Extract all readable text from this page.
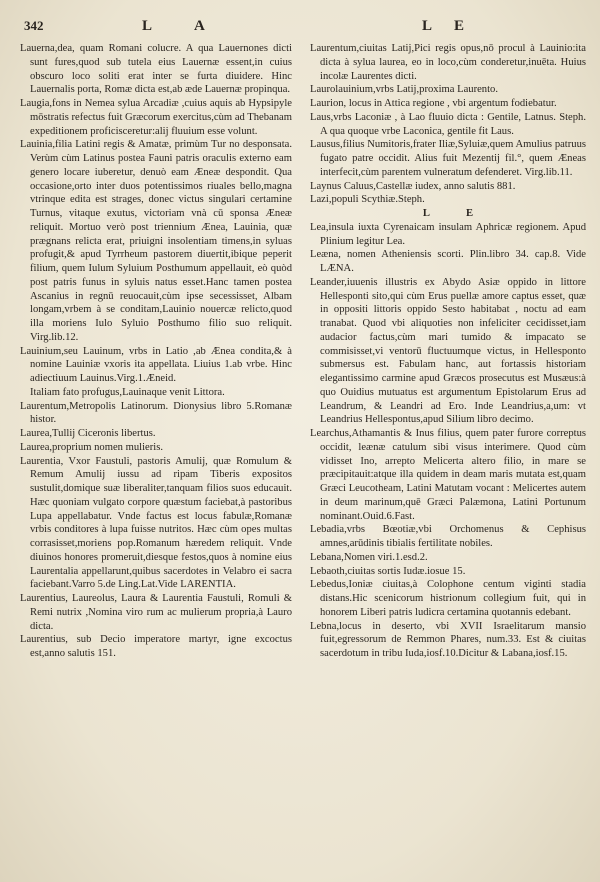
342	L	A	L E

Lauerna,dea, quam Romani colucre. A qua Lauernones dicti sunt fures,quod sub tutela eius Lauernæ essent,in cuius obscuro loco soliti erat inter se furta diuidere. Hinc Lauernalis porta, Romæ dicta est,ab æde Lauernæ propinqua.

Laugia,fons in Nemea sylua Arcadiæ ,cuius aquis ab Hypsipyle mōstratis refectus fuit Græcorum exercitus,cùm ad Thebanam expeditionem proficisceretur:alij fluuium esse volunt.

Lauinia,filia Latini regis & Amatæ, primùm Tur no desponsata. Verùm cùm Latinus postea Fauni patris oraculis externo eam genero locare iuberetur, denuò eam Æneæ despondit. Qua occasione,orto inter duos potentissimos riuales bello,magna vtrinque edita est strages, donec victus singulari certamine Turnus, vitaque exutus, victoriam vnà cū sponsa Æneæ reliquit. Mortuo verò post triennium Ænea, Lauinia, quæ prægnans relicta erat, priuigni insolentiam timens,in syluas profugit,& apud Tyrrheum pastorem diuertit,ibique peperit filium, quem Iulum Syluium Posthumum appellauit, eò quòd post patris funus in syluis natus esset.Hanc tamen postea Ascanius in regnū reuocauit,cùm ipse secessisset, Albam longam,vrbem à se conditam,Lauinio nouercæ relicto,quod illa moriens Iulo Syluio Posthumo filio suo reliquit. Virg.lib.12.

Lauinium,seu Lauinum, vrbs in Latio ,ab Ænea condita,& à nomine Lauiniæ vxoris ita appellata. Liuius 1.ab vrbe. Hinc adiectiuum Lauinus.Virg.1.Æneid.

Italiam fato profugus,Lauinaque venit Littora.

Laurentum,Metropolis Latinorum. Dionysius libro 5.Romanæ histor.

Laurea,Tullij Ciceronis libertus.

Laurea,proprium nomen mulieris.

Laurentia, Vxor Faustuli, pastoris Amulij, quæ Romulum & Remum Amulij iussu ad ripam Tiberis expositos sustulit,domique suæ liberaliter,tanquam filios suos educauit. Hæc quoniam vulgato corpore quæstum faciebat,à pastoribus Lupa appellabatur. Vnde factus est locus fabulæ,Romanæ vrbis conditores à lupa fuisse nutritos. Hæc cùm opes multas corrasisset,moriens pop.Romanum hæredem reliquit. Vnde diuinos honores promeruit,diesque festos,quos à nomine eius Laurentalia appellarunt,quibus sacerdotes in Velabro ei sacra faciebant.Varro 5.de Ling.Lat.Vide LARENTIA.

Laurentius, Laureolus, Laura & Laurentia Faustuli, Romuli & Remi nutrix ,Nomina viro rum ac mulierum propria,à Lauro dicta.

Laurentius, sub Decio imperatore martyr, igne excoctus est,anno salutis 151.

Laurentum,ciuitas Latij,Pici regis opus,nō procul à Lauinio:ita dicta à sylua laurea, eo in loco,cùm conderetur,inuēta. Huius incolæ Laurentes dicti.

Laurolauinium,vrbs Latij,proxima Laurento.

Laurion, locus in Attica regione , vbi argentum fodiebatur.

Laus,vrbs Laconiæ , à Lao fluuio dicta : Gentile, Latnus. Steph. A qua quoque vrbe Laconica, gentile fit Laus.

Lausus,filius Numitoris,frater Iliæ,Syluiæ,quem Amulius patruus fugato patre occidit. Alius fuit Mezentij fil.°, quem Æneas interfecit,cùm parentem vulneratum defenderet. Virg.lib.11.

Laynus Caluus,Castellæ iudex, anno salutis 881.

Lazi,populi Scythiæ.Steph.

LE

Lea,insula iuxta Cyrenaicam insulam Aphricæ regionem. Apud Plinium legitur Lea.

Leæna, nomen Atheniensis scorti. Plin.libro 34. cap.8. Vide LÆNA.

Leander,iuuenis illustris ex Abydo Asiæ oppido in littore Hellesponti sito,qui cùm Erus puellæ amore captus esset, quæ in oppositi littoris oppido Sesto habitabat , noctu ad eam tranabat. Quod vbi aliquoties non infeliciter cecidisset,iam audacior factus,cùm mari tumido & impacato se commisisset,vi ventorū fluctuumque victus, in Hellesponto submersus est. Fabulam hanc, aut fortassis historiam elegantissimo carmine apud Græcos prosecutus est Musæus:à quo Ouidius mutuatus est argumentum Epistolarum Erus ad Leandrum, & Leandri ad Ero. Inde Leandrius,a,um: vt Leandrius Hellespontus,apud Silium libro decimo.

Learchus,Athamantis & Inus filius, quem pater furore correptus occidit, leænæ catulum sibi visus interimere. Quod cùm vidisset Ino, arrepto Melicerta altero filio, in mare se præcipitauit:atque illa quidem in deam maris mutata est,quam Græci Leucotheam, Latini Matutam vocant : Melicertes autem in deum marinum,quē Græci Palæmona, Latini Portunum nominant.Ouid.6.Fast.

Lebadia,vrbs Bœotiæ,vbi Orchomenus & Cephisus amnes,arūdinis tibialis fertilitate nobiles.

Lebana,Nomen viri.1.esd.2.

Lebaoth,ciuitas sortis Iudæ.iosue 15.

Lebedus,Ioniæ ciuitas,à Colophone centum viginti stadia distans.Hic scenicorum histrionum collegium fuit, qui in honorem Liberi patris ludicra certamina quotannis edebant.

Lebna,locus in deserto, vbi XVII Israelitarum mansio fuit,egressorum de Remmon Phares, num.33. Est & ciuitas sacerdotum in tribu Iuda,iosf.10.Dicitur & Labana,iosf.15.
